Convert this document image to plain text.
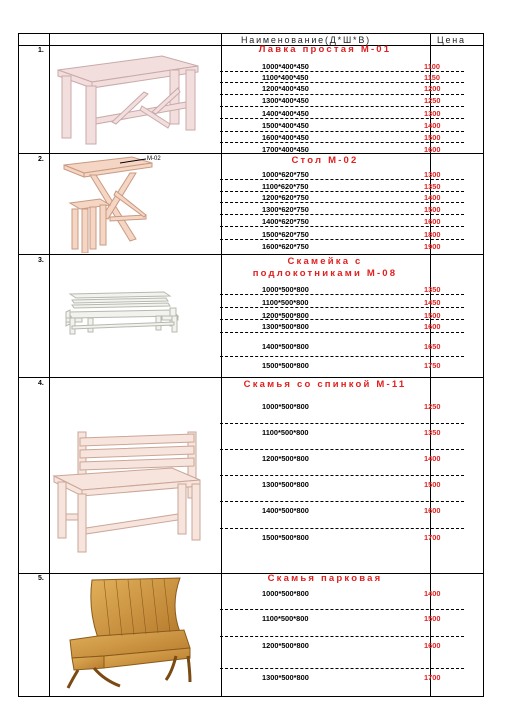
Наименование(Д*Ш*В)	Цена
1.	Лавка простая М-01
1000*400*450	1100
1100*400*450	1150
1200*400*450	1200
1300*400*450	1250
1400*400*450	1300
1500*400*450	1400
1600*400*450	1500
1700*400*450	1600
2.	Стол М-02
М-02
1000*620*750	1300
1100*620*750	1350
1200*620*750	1400
1300*620*750	1500
1400*620*750	1600
1500*620*750	1800
1600*620*750	1900
3.	Скамейка с
подлокотниками М-08
1000*500*800	1350
1100*500*800	1450
1200*500*800	1500
1300*500*800	1600
1400*500*800	1650
1500*500*800	1750
4.	Скамья со спинкой М-11
1000*500*800	1250
1100*500*800	1350
1200*500*800	1400
1300*500*800	1500
1400*500*800	1600
1500*500*800	1700
5.	Скамья парковая
1000*500*800	1400
1100*500*800	1500
1200*500*800	1600
1300*500*800	1700
